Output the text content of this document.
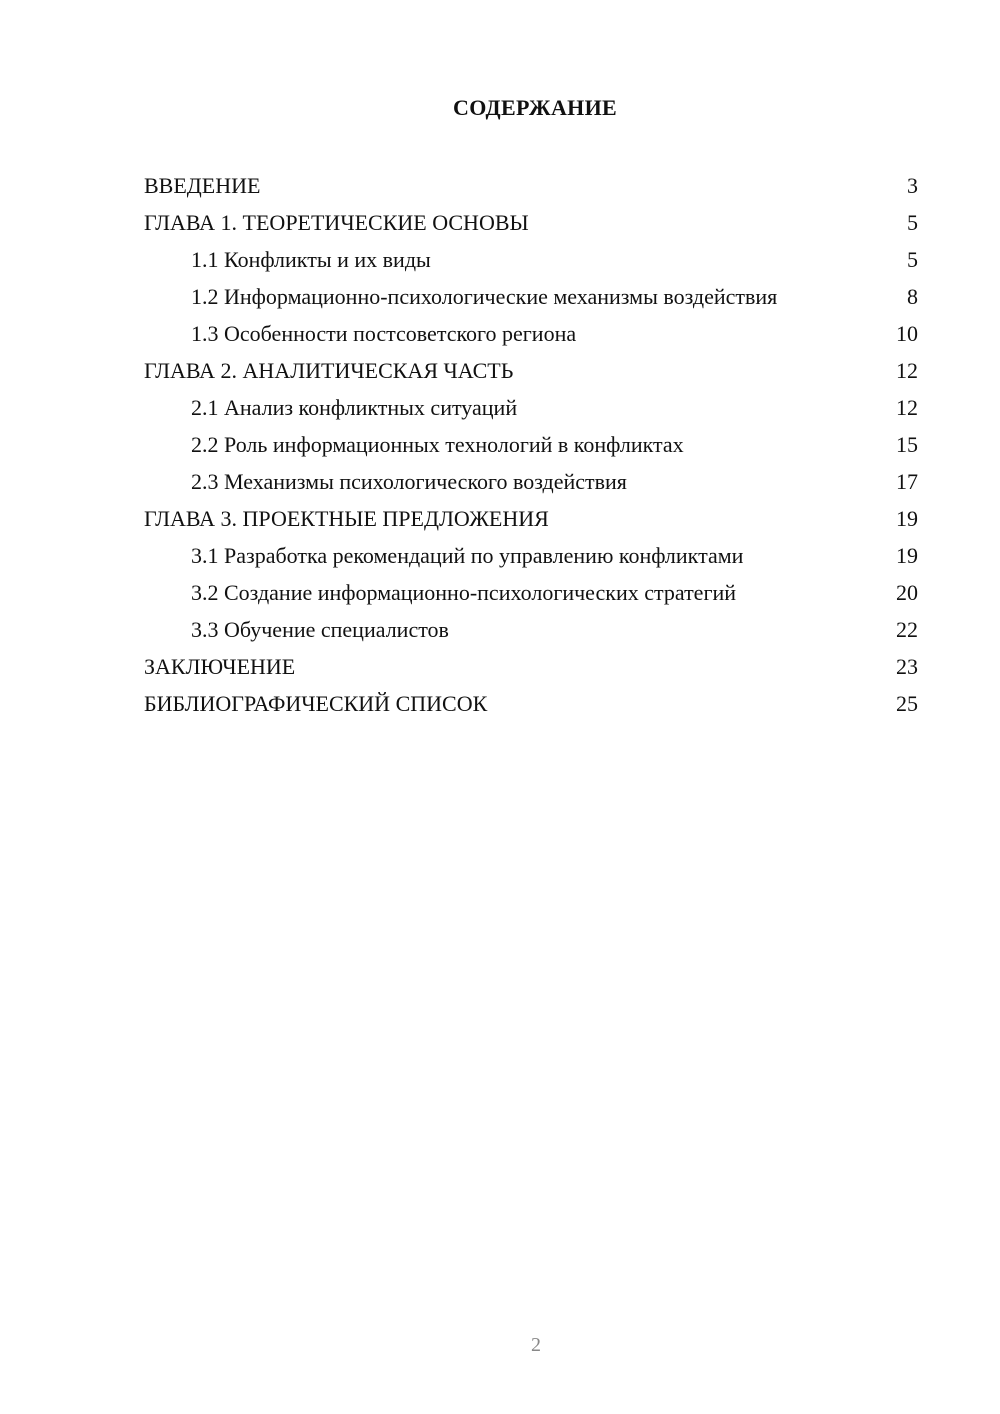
СОДЕРЖАНИЕ
ВВЕДЕНИЕ	3
ГЛАВА 1. ТЕОРЕТИЧЕСКИЕ ОСНОВЫ	5
1.1 Конфликты и их виды	5
1.2 Информационно-психологические механизмы воздействия	8
1.3 Особенности постсоветского региона	10
ГЛАВА 2. АНАЛИТИЧЕСКАЯ ЧАСТЬ	12
2.1 Анализ конфликтных ситуаций	12
2.2 Роль информационных технологий в конфликтах	15
2.3 Механизмы психологического воздействия	17
ГЛАВА 3. ПРОЕКТНЫЕ ПРЕДЛОЖЕНИЯ	19
3.1 Разработка рекомендаций по управлению конфликтами	19
3.2 Создание информационно-психологических стратегий	20
3.3 Обучение специалистов	22
ЗАКЛЮЧЕНИЕ	23
БИБЛИОГРАФИЧЕСКИЙ СПИСОК	25
2
